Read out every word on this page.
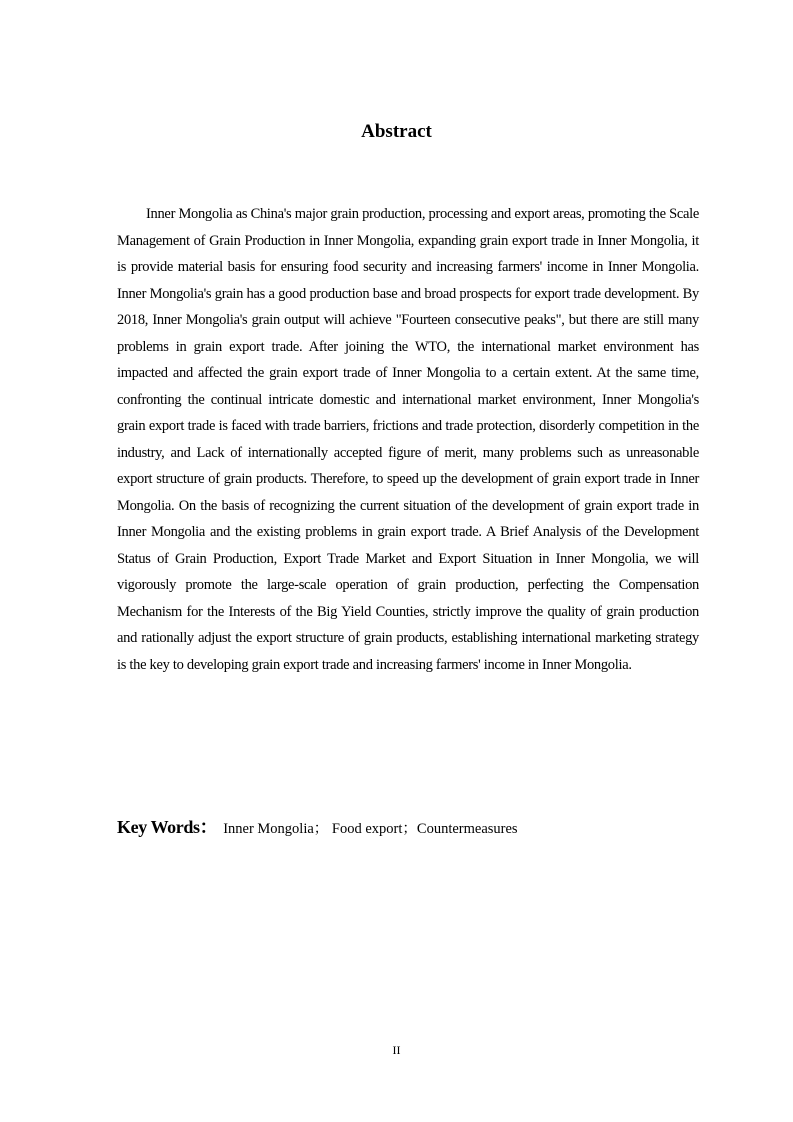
Abstract

Inner Mongolia as China's major grain production, processing and export areas, promoting the Scale Management of Grain Production in Inner Mongolia, expanding grain export trade in Inner Mongolia, it is provide material basis for ensuring food security and increasing farmers' income in Inner Mongolia. Inner Mongolia's grain has a good production base and broad prospects for export trade development. By 2018, Inner Mongolia's grain output will achieve "Fourteen consecutive peaks", but there are still many problems in grain export trade. After joining the WTO, the international market environment has impacted and affected the grain export trade of Inner Mongolia to a certain extent. At the same time, confronting the continual intricate domestic and international market environment, Inner Mongolia's grain export trade is faced with trade barriers, frictions and trade protection, disorderly competition in the industry, and Lack of internationally accepted figure of merit, many problems such as unreasonable export structure of grain products. Therefore, to speed up the development of grain export trade in Inner Mongolia. On the basis of recognizing the current situation of the development of grain export trade in Inner Mongolia and the existing problems in grain export trade. A Brief Analysis of the Development Status of Grain Production, Export Trade Market and Export Situation in Inner Mongolia, we will vigorously promote the large-scale operation of grain production, perfecting the Compensation Mechanism for the Interests of the Big Yield Counties, strictly improve the quality of grain production and rationally adjust the export structure of grain products, establishing international marketing strategy is the key to developing grain export trade and increasing farmers' income in Inner Mongolia.

Key Words： Inner Mongolia； Food export；Countermeasures
II
